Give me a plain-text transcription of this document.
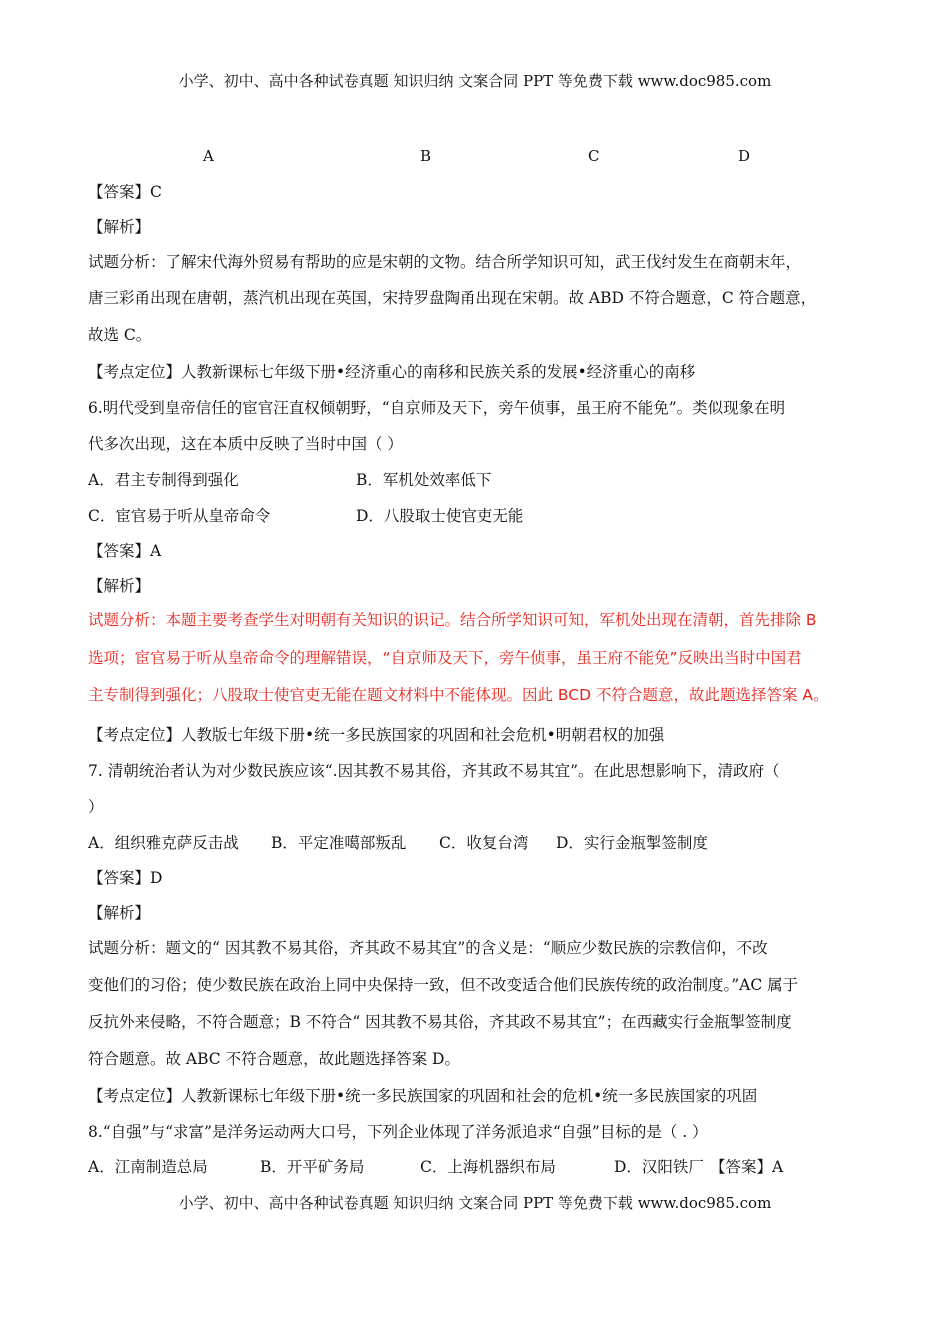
小学、初中、高中各种试卷真题 知识归纳 文案合同 PPT 等免费下载 www.doc985.com
A	B	C	D
【答案】C
【解析】
试题分析：了解宋代海外贸易有帮助的应是宋朝的文物。结合所学知识可知，武王伐纣发生在商朝末年，
唐三彩甬出现在唐朝，蒸汽机出现在英国，宋持罗盘陶甬出现在宋朝。故 ABD 不符合题意，C 符合题意，
故选 C。
【考点定位】人教新课标七年级下册•经济重心的南移和民族关系的发展•经济重心的南移
6.明代受到皇帝信任的宦官汪直权倾朝野，“自京师及天下，旁午侦事，虽王府不能免”。类似现象在明
代多次出现，这在本质中反映了当时中国（ ）
A．君主专制得到强化	B．军机处效率低下
C．宦官易于听从皇帝命令	D．八股取士使官吏无能
【答案】A
【解析】
试题分析：本题主要考查学生对明朝有关知识的识记。结合所学知识可知，军机处出现在清朝，首先排除 B
选项；宦官易于听从皇帝命令的理解错误，“自京师及天下，旁午侦事，虽王府不能免”反映出当时中国君
主专制得到强化；八股取士使官吏无能在题文材料中不能体现。因此 BCD 不符合题意，故此题选择答案 A。
【考点定位】人教版七年级下册•统一多民族国家的巩固和社会危机•明朝君权的加强
7. 清朝统治者认为对少数民族应该“.因其教不易其俗，齐其政不易其宜”。在此思想影响下，清政府（
）
A．组织雅克萨反击战 B．平定准噶部叛乱 C．收复台湾 D．实行金瓶掣签制度
【答案】D
【解析】
试题分析：题文的“ 因其教不易其俗，齐其政不易其宜”的含义是：“顺应少数民族的宗教信仰，不改
变他们的习俗；使少数民族在政治上同中央保持一致，但不改变适合他们民族传统的政治制度。”AC 属于
反抗外来侵略，不符合题意；B 不符合“ 因其教不易其俗，齐其政不易其宜”；在西藏实行金瓶掣签制度
符合题意。故 ABC 不符合题意，故此题选择答案 D。
【考点定位】人教新课标七年级下册•统一多民族国家的巩固和社会的危机•统一多民族国家的巩固
8.“自强”与“求富”是洋务运动两大口号，下列企业体现了洋务派追求“自强”目标的是（ . ）
A．江南制造总局	B．开平矿务局	C．上海机器织布局	D．汉阳铁厂 【答案】A
小学、初中、高中各种试卷真题 知识归纳 文案合同 PPT 等免费下载 www.doc985.com
